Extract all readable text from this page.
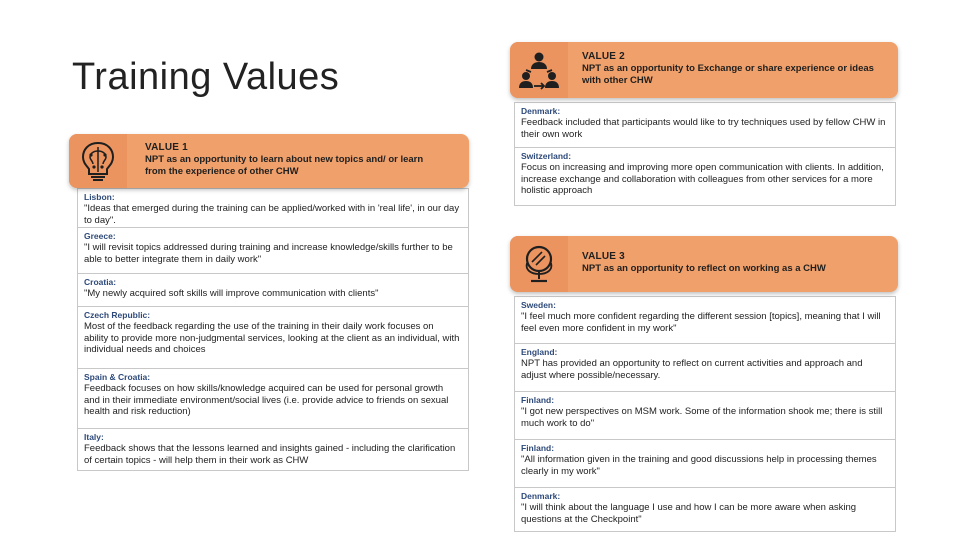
Training Values
VALUE 1
NPT as an opportunity to learn about new topics and/ or learn from the experience of other CHW
Lisbon:
"Ideas that emerged during the training can be applied/worked with in 'real life', in our day to day".
Greece:
"I will revisit topics addressed during training and increase knowledge/skills further to be able to better integrate them in daily work"
Croatia:
"My newly acquired soft skills will improve communication with clients"
Czech Republic:
Most of the feedback regarding the use of the training in their daily work focuses on ability to provide more non-judgmental services, looking at the client as an individual, with individual needs and choices
Spain & Croatia:
Feedback focuses on how skills/knowledge acquired can be used for personal growth and in their immediate environment/social lives (i.e. provide advice to friends on sexual health and risk reduction)
Italy:
Feedback shows that the lessons learned and insights gained - including the clarification of certain topics - will help them in their work as CHW
VALUE 2
NPT as an opportunity to Exchange or share experience or ideas with other CHW
Denmark:
Feedback included that participants would like to try techniques used by fellow CHW in their own work
Switzerland:
Focus on increasing and improving more open communication with clients. In addition, increase exchange and collaboration with colleagues from other services for a more holistic approach
VALUE 3
NPT as an opportunity to reflect on working as a CHW
Sweden:
"I feel much more confident regarding the different session [topics], meaning that I will feel even more confident in my work"
England:
NPT has provided an opportunity to reflect on current activities and approach and adjust where possible/necessary.
Finland:
"I got new perspectives on MSM work. Some of the information shook me; there is still much work to do"
Finland:
"All information given in the training and good discussions help in processing themes clearly in my work"
Denmark:
"I will think about the language I use and how I can be more aware when asking questions at the Checkpoint"
